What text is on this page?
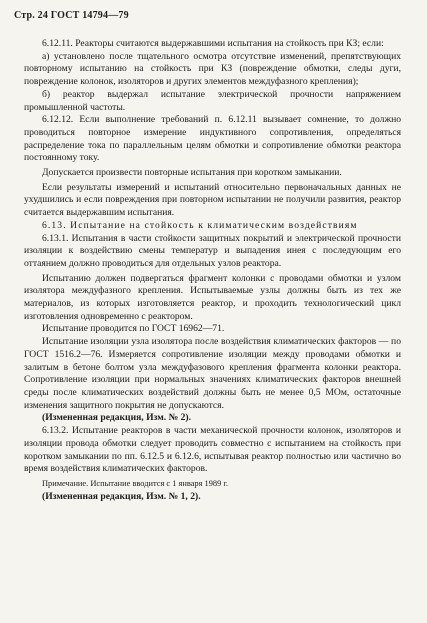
Стр. 24 ГОСТ 14794—79

6.12.11. Реакторы считаются выдержавшими испытания на стойкость при КЗ; если:

а) установлено после тщательного осмотра отсутствие изменений, препятствующих повторному испытанию на стойкость при КЗ (повреждение обмотки, следы дуги, повреждение колонок, изоляторов и других элементов междуфазного крепления);

б) реактор выдержал испытание электрической прочности напряжением промышленной частоты.

6.12.12. Если выполнение требований п. 6.12.11 вызывает сомнение, то должно проводиться повторное измерение индуктивного сопротивления, определяться распределение тока по параллельным целям обмотки и сопротивление обмотки реактора постоянному току.

Допускается произвести повторные испытания при коротком замыкании.

Если результаты измерений и испытаний относительно первоначальных данных не ухудшились и если повреждения при повторном испытании не получили развития, реактор считается выдержавшим испытания.

6.13. Испытание на стойкость к климатическим воздействиям

6.13.1. Испытания в части стойкости защитных покрытий и электрической прочности изоляции к воздействию смены температур и выпадения инея с последующим его оттаянием должно проводиться для отдельных узлов реактора.

Испытанию должен подвергаться фрагмент колонки с проводами обмотки и узлом изолятора междуфазного крепления. Испытываемые узлы должны быть из тех же материалов, из которых изготовляется реактор, и проходить технологический цикл изготовления одновременно с реактором.

Испытание проводится по ГОСТ 16962—71.

Испытание изоляции узла изолятора после воздействия климатических факторов — по ГОСТ 1516.2—76. Измеряется сопротивление изоляции между проводами обмотки и залитым в бетоне болтом узла междуфазового крепления фрагмента колонки реактора. Сопротивление изоляции при нормальных значениях климатических факторов внешней среды после климатических воздействий должны быть не менее 0,5 МОм, остаточные изменения защитного покрытия не допускаются.

(Измененная редакция, Изм. № 2).

6.13.2. Испытание реакторов в части механической прочности колонок, изоляторов и изоляции провода обмотки следует проводить совместно с испытанием на стойкость при коротком замыкании по пп. 6.12.5 и 6.12.6, испытывая реактор полностью или частично во время воздействия климатических факторов.

Примечание. Испытание вводится с 1 января 1989 г.

(Измененная редакция, Изм. № 1, 2).
